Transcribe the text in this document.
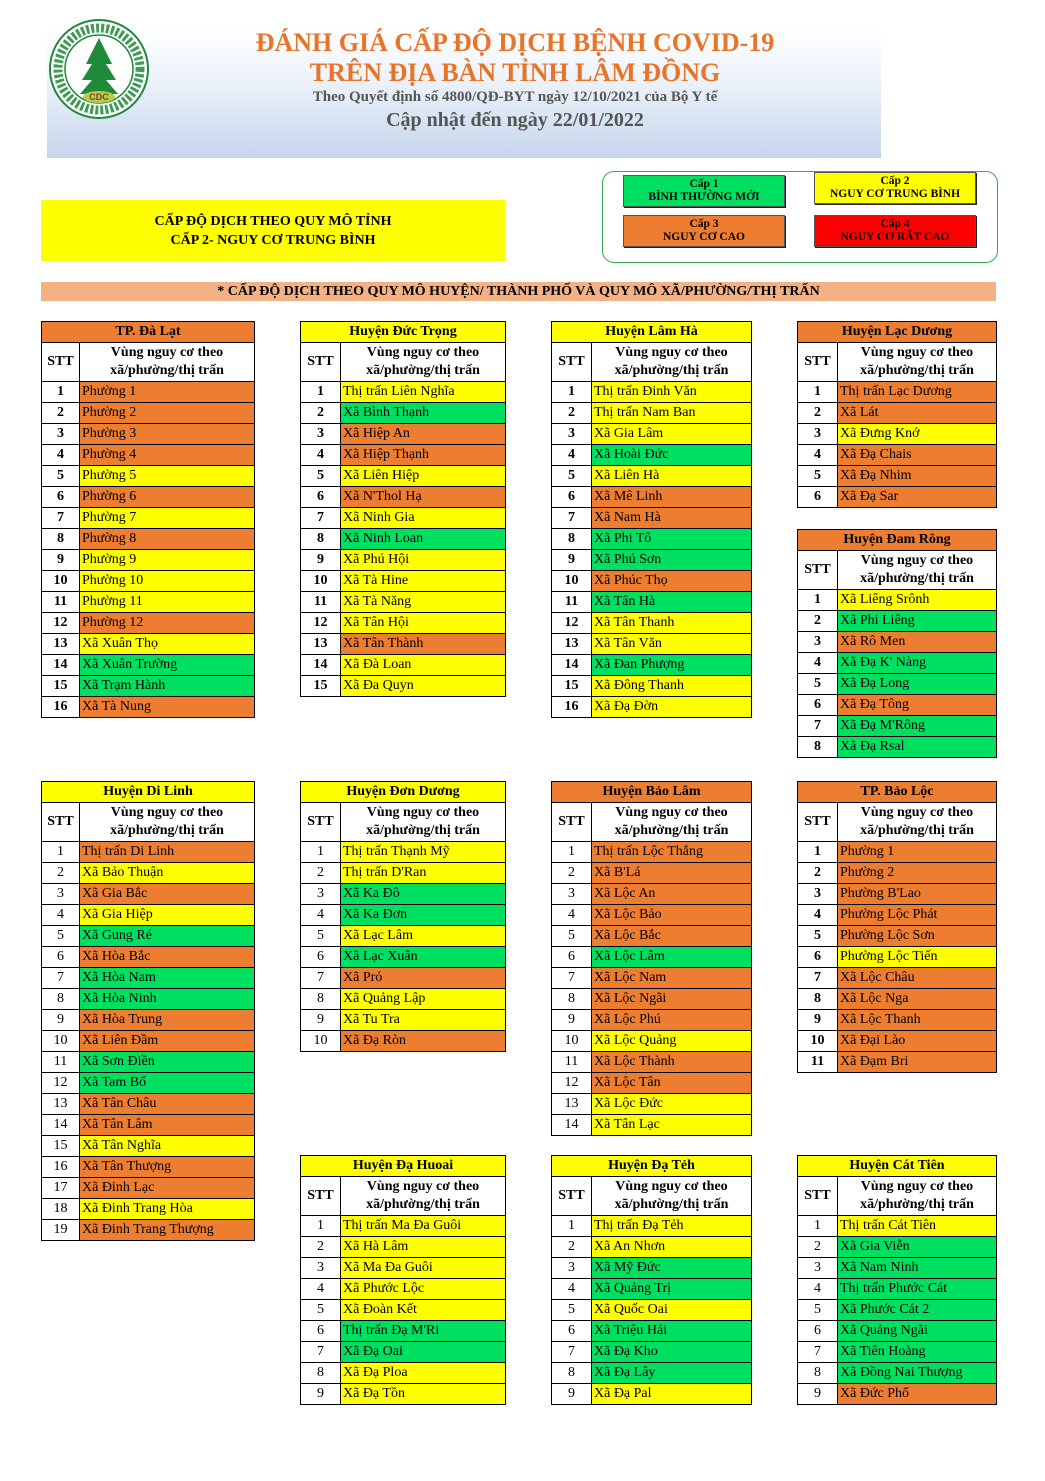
CDC
ĐÁNH GIÁ CẤP ĐỘ DỊCH BỆNH COVID-19
TRÊN ĐỊA BÀN TỈNH LÂM ĐỒNG
Theo Quyết định số 4800/QĐ-BYT ngày 12/10/2021 của Bộ Y tế
Cập nhật đến ngày 22/01/2022
CẤP ĐỘ DỊCH THEO QUY MÔ TỈNH
CẤP 2- NGUY CƠ TRUNG BÌNH
Cấp 1
BÌNH THƯỜNG MỚI
Cấp 2
NGUY CƠ TRUNG BÌNH
Cấp 3
NGUY CƠ CAO
Cấp 4
NGUY CƠ RẤT CAO
* CẤP ĐỘ DỊCH THEO QUY MÔ HUYỆN/ THÀNH PHỐ VÀ QUY MÔ XÃ/PHƯỜNG/THỊ TRẤN
TP. Đà Lạt	
STT	Vùng nguy cơ theo
xã/phường/thị trấn

1	Phường 1
2	Phường 2
3	Phường 3
4	Phường 4
5	Phường 5
6	Phường 6
7	Phường 7
8	Phường 8
9	Phường 9
10	Phường 10
11	Phường 11
12	Phường 12
13	Xã Xuân Thọ
14	Xã Xuân Trường
15	Xã Trạm Hành
16	Xã Tà Nung
Huyện Đức Trọng	
STT	Vùng nguy cơ theo
xã/phường/thị trấn

1	Thị trấn Liên Nghĩa
2	Xã Bình Thạnh
3	Xã Hiệp An
4	Xã Hiệp Thạnh
5	Xã Liên Hiệp
6	Xã N'Thol Hạ
7	Xã Ninh Gia
8	Xã Ninh Loan
9	Xã Phú Hội
10	Xã Tà Hine
11	Xã Tà Năng
12	Xã Tân Hội
13	Xã Tân Thành
14	Xã Đà Loan
15	Xã Đa Quyn
Huyện Lâm Hà	
STT	Vùng nguy cơ theo
xã/phường/thị trấn

1	Thị trấn Đinh Văn
2	Thị trấn Nam Ban
3	Xã Gia Lâm
4	Xã Hoài Đức
5	Xã Liên Hà
6	Xã Mê Linh
7	Xã Nam Hà
8	Xã Phi Tô
9	Xã Phú Sơn
10	Xã Phúc Thọ
11	Xã Tân Hà
12	Xã Tân Thanh
13	Xã Tân Văn
14	Xã Đan Phượng
15	Xã Đông Thanh
16	Xã Đạ Đờn
Huyện Lạc Dương	
STT	Vùng nguy cơ theo
xã/phường/thị trấn

1	Thị trấn Lạc Dương
2	Xã Lát
3	Xã Đưng Knớ
4	Xã Đạ Chais
5	Xã Đạ Nhim
6	Xã Đạ Sar
Huyện Đam Rông	
STT	Vùng nguy cơ theo
xã/phường/thị trấn

1	Xã Liêng Srônh
2	Xã Phi Liêng
3	Xã Rô Men
4	Xã Đạ K' Nàng
5	Xã Đạ Long
6	Xã Đạ Tông
7	Xã Đạ M'Rông
8	Xã Đạ Rsal
Huyện Di Linh	
STT	Vùng nguy cơ theo
xã/phường/thị trấn

1	Thị trấn Di Linh
2	Xã Bảo Thuận
3	Xã Gia Bắc
4	Xã Gia Hiệp
5	Xã Gung Ré
6	Xã Hòa Bắc
7	Xã Hòa Nam
8	Xã Hòa Ninh
9	Xã Hòa Trung
10	Xã Liên Đầm
11	Xã Sơn Điền
12	Xã Tam Bố
13	Xã Tân Châu
14	Xã Tân Lâm
15	Xã Tân Nghĩa
16	Xã Tân Thượng
17	Xã Đinh Lạc
18	Xã Đinh Trang Hòa
19	Xã Đinh Trang Thượng
Huyện Đơn Dương	
STT	Vùng nguy cơ theo
xã/phường/thị trấn

1	Thị trấn Thạnh Mỹ
2	Thị trấn D'Ran
3	Xã Ka Đô
4	Xã Ka Đơn
5	Xã Lạc Lâm
6	Xã Lạc Xuân
7	Xã Pró
8	Xã Quảng Lập
9	Xã Tu Tra
10	Xã Đạ Ròn
Huyện Bảo Lâm	
STT	Vùng nguy cơ theo
xã/phường/thị trấn

1	Thị trấn Lộc Thắng
2	Xã B'Lá
3	Xã Lộc An
4	Xã Lộc Bảo
5	Xã Lộc Bắc
6	Xã Lộc Lâm
7	Xã Lộc Nam
8	Xã Lộc Ngãi
9	Xã Lộc Phú
10	Xã Lộc Quảng
11	Xã Lộc Thành
12	Xã Lộc Tân
13	Xã Lộc Đức
14	Xã Tân Lạc
TP. Bảo Lộc	
STT	Vùng nguy cơ theo
xã/phường/thị trấn

1	Phường 1
2	Phường 2
3	Phường B'Lao
4	Phường Lộc Phát
5	Phường Lộc Sơn
6	Phường Lộc Tiến
7	Xã Lộc Châu
8	Xã Lộc Nga
9	Xã Lộc Thanh
10	Xã Đại Lào
11	Xã Đạm Bri
Huyện Đạ Huoai	
STT	Vùng nguy cơ theo
xã/phường/thị trấn

1	Thị trấn Ma Đa Guôi
2	Xã Hà Lâm
3	Xã Ma Đa Guôi
4	Xã Phước Lộc
5	Xã Đoàn Kết
6	Thị trấn Đạ M'Ri
7	Xã Đạ Oai
8	Xã Đạ Ploa
9	Xã Đạ Tồn
Huyện Đạ Tẻh	
STT	Vùng nguy cơ theo
xã/phường/thị trấn

1	Thị trấn Đạ Tẻh
2	Xã An Nhơn
3	Xã Mỹ Đức
4	Xã Quảng Trị
5	Xã Quốc Oai
6	Xã Triệu Hải
7	Xã Đạ Kho
8	Xã Đạ Lây
9	Xã Đạ Pal
Huyện Cát Tiên	
STT	Vùng nguy cơ theo
xã/phường/thị trấn

1	Thị trấn Cát Tiên
2	Xã Gia Viễn
3	Xã Nam Ninh
4	Thị trấn Phước Cát
5	Xã Phước Cát 2
6	Xã Quảng Ngãi
7	Xã Tiên Hoàng
8	Xã Đồng Nai Thượng
9	Xã Đức Phổ
